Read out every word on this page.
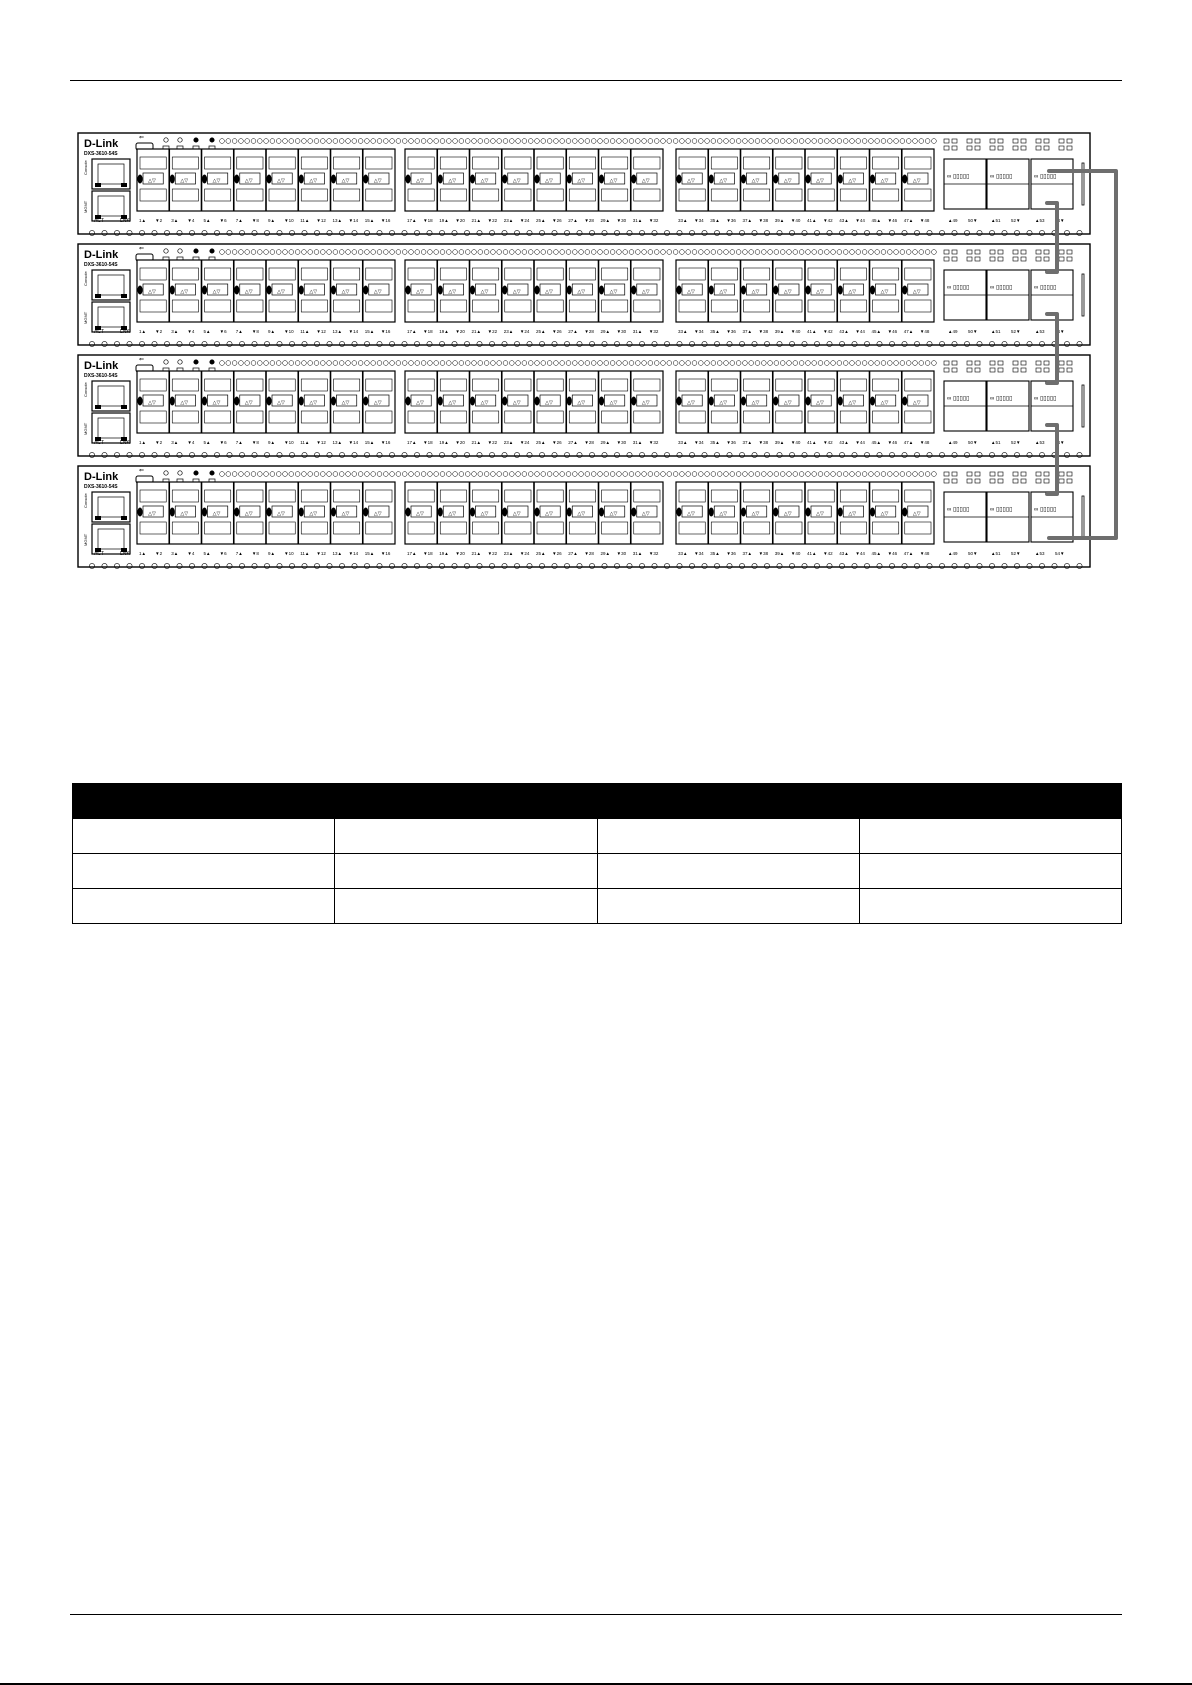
D-Link
DXS-3610-54S
Console
MGMT
⇐
△▽	△▽	△▽	△▽	△▽	△▽	△▽	△▽	△▽	△▽	△▽	△▽	△▽	△▽	△▽	△▽	△▽	△▽	△▽	△▽	△▽	△▽	△▽	△▽
1▲ ▼2 3▲ ▼4 5▲ ▼6 7▲ ▼8 9▲ ▼10 11▲ ▼12 13▲ ▼14 15▲ ▼16	17▲ ▼18 19▲ ▼20 21▲ ▼22 23▲ ▼24 25▲ ▼26 27▲ ▼28 29▲ ▼30 31▲ ▼32	33▲ ▼34 35▲ ▼36 37▲ ▼38 39▲ ▼40 41▲ ▼42 43▲ ▼44 45▲ ▼46 47▲ ▼48
ACT	LNK
∞ ▯▯▯▯▯
▲49 50▼
∞ ▯▯▯▯▯
▲51 52▼
∞ ▯▯▯▯▯
▲53 54▼
D-Link
DXS-3610-54S
Console
MGMT
⇐
△▽	△▽	△▽	△▽	△▽	△▽	△▽	△▽	△▽	△▽	△▽	△▽	△▽	△▽	△▽	△▽	△▽	△▽	△▽	△▽	△▽	△▽	△▽	△▽
1▲ ▼2 3▲ ▼4 5▲ ▼6 7▲ ▼8 9▲ ▼10 11▲ ▼12 13▲ ▼14 15▲ ▼16	17▲ ▼18 19▲ ▼20 21▲ ▼22 23▲ ▼24 25▲ ▼26 27▲ ▼28 29▲ ▼30 31▲ ▼32	33▲ ▼34 35▲ ▼36 37▲ ▼38 39▲ ▼40 41▲ ▼42 43▲ ▼44 45▲ ▼46 47▲ ▼48
ACT	LNK
∞ ▯▯▯▯▯
▲49 50▼
∞ ▯▯▯▯▯
▲51 52▼
∞ ▯▯▯▯▯
▲53 54▼
D-Link
DXS-3610-54S
Console
MGMT
⇐
△▽	△▽	△▽	△▽	△▽	△▽	△▽	△▽	△▽	△▽	△▽	△▽	△▽	△▽	△▽	△▽	△▽	△▽	△▽	△▽	△▽	△▽	△▽	△▽
1▲ ▼2 3▲ ▼4 5▲ ▼6 7▲ ▼8 9▲ ▼10 11▲ ▼12 13▲ ▼14 15▲ ▼16	17▲ ▼18 19▲ ▼20 21▲ ▼22 23▲ ▼24 25▲ ▼26 27▲ ▼28 29▲ ▼30 31▲ ▼32	33▲ ▼34 35▲ ▼36 37▲ ▼38 39▲ ▼40 41▲ ▼42 43▲ ▼44 45▲ ▼46 47▲ ▼48
ACT	LNK
∞ ▯▯▯▯▯
▲49 50▼
∞ ▯▯▯▯▯
▲51 52▼
∞ ▯▯▯▯▯
▲53 54▼
D-Link
DXS-3610-54S
Console
MGMT
⇐
△▽	△▽	△▽	△▽	△▽	△▽	△▽	△▽	△▽	△▽	△▽	△▽	△▽	△▽	△▽	△▽	△▽	△▽	△▽	△▽	△▽	△▽	△▽	△▽
1▲ ▼2 3▲ ▼4 5▲ ▼6 7▲ ▼8 9▲ ▼10 11▲ ▼12 13▲ ▼14 15▲ ▼16	17▲ ▼18 19▲ ▼20 21▲ ▼22 23▲ ▼24 25▲ ▼26 27▲ ▼28 29▲ ▼30 31▲ ▼32	33▲ ▼34 35▲ ▼36 37▲ ▼38 39▲ ▼40 41▲ ▼42 43▲ ▼44 45▲ ▼46 47▲ ▼48
ACT	LNK
∞ ▯▯▯▯▯
▲49 50▼
∞ ▯▯▯▯▯
▲51 52▼
∞ ▯▯▯▯▯
▲53 54▼
